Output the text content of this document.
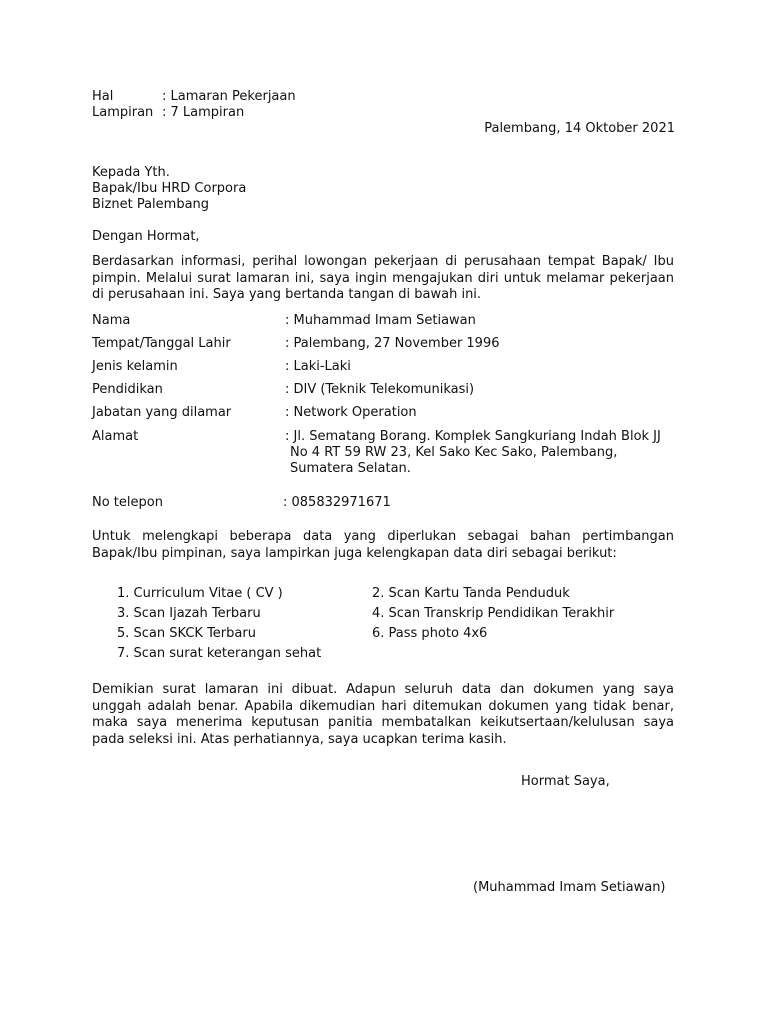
Hal	: Lamaran Pekerjaan
Lampiran : 7 Lampiran
Palembang, 14 Oktober 2021
Kepada Yth.
Bapak/Ibu HRD Corpora
Biznet Palembang
Dengan Hormat,
Berdasarkan informasi, perihal lowongan pekerjaan di perusahaan tempat Bapak/ Ibu pimpin. Melalui surat lamaran ini, saya ingin mengajukan diri untuk melamar pekerjaan di perusahaan ini. Saya yang bertanda tangan di bawah ini.
Nama	: Muhammad Imam Setiawan
Tempat/Tanggal Lahir	: Palembang, 27 November 1996
Jenis kelamin	: Laki-Laki
Pendidikan	: DIV (Teknik Telekomunikasi)
Jabatan yang dilamar	: Network Operation
Alamat	: Jl. Sematang Borang. Komplek Sangkuriang Indah Blok JJ
No 4 RT 59 RW 23, Kel Sako Kec Sako, Palembang,
Sumatera Selatan.
No telepon	: 085832971671
Untuk melengkapi beberapa data yang diperlukan sebagai bahan pertimbangan Bapak/Ibu pimpinan, saya lampirkan juga kelengkapan data diri sebagai berikut:
1. Curriculum Vitae ( CV )	2. Scan Kartu Tanda Penduduk
3. Scan Ijazah Terbaru	4. Scan Transkrip Pendidikan Terakhir
5. Scan SKCK Terbaru	6. Pass photo 4x6
7. Scan surat keterangan sehat
Demikian surat lamaran ini dibuat. Adapun seluruh data dan dokumen yang saya unggah adalah benar. Apabila dikemudian hari ditemukan dokumen yang tidak benar, maka saya menerima keputusan panitia membatalkan keikutsertaan/kelulusan saya pada seleksi ini. Atas perhatiannya, saya ucapkan terima kasih.
Hormat Saya,
(Muhammad Imam Setiawan)
